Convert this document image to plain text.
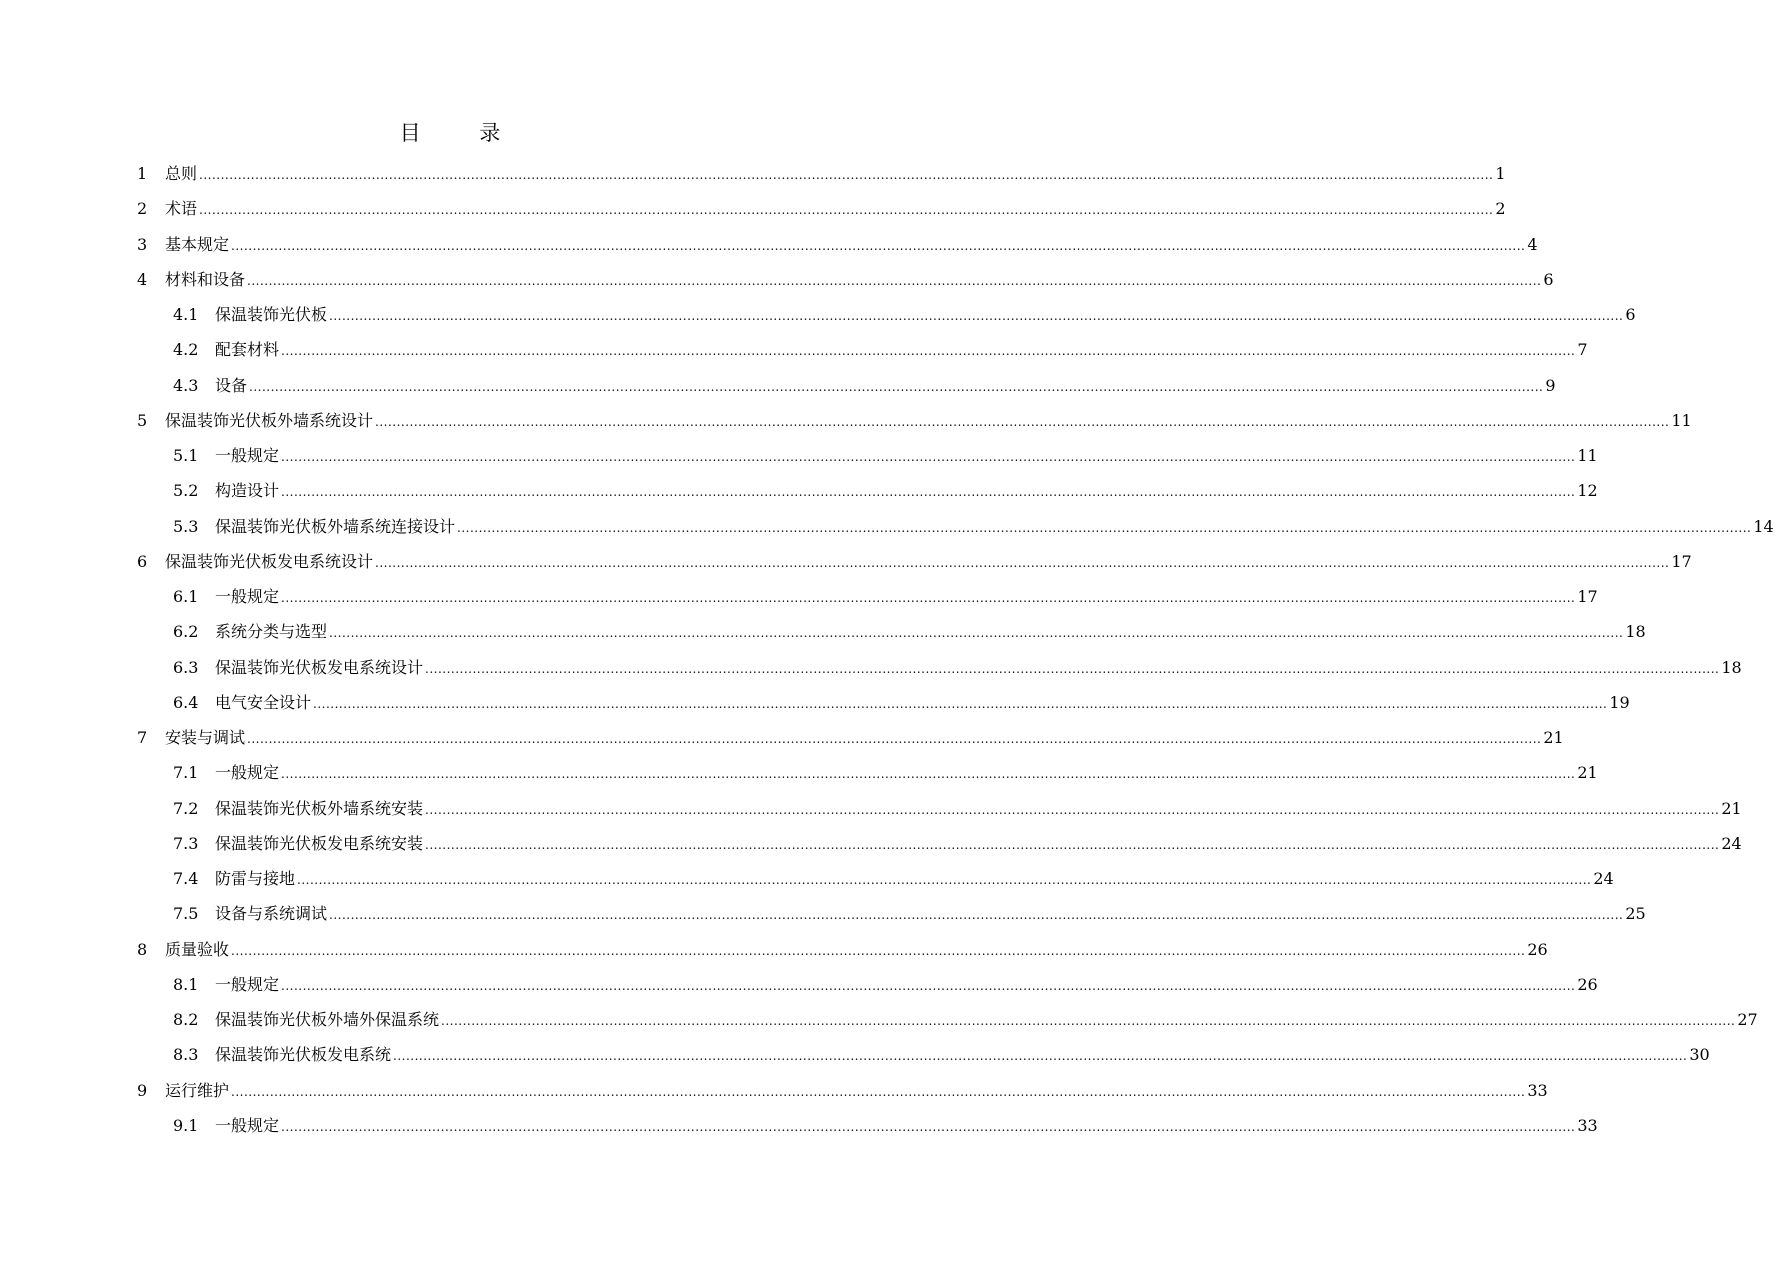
目 录
1 总则 ............................................................................................................................................................................................................................................................................................................ 1
2 术语 ............................................................................................................................................................................................................................................................................................................ 2
3 基本规定 ............................................................................................................................................................................................................................................................................................................ 4
4 材料和设备 ............................................................................................................................................................................................................................................................................................................ 6
4.1 保温装饰光伏板 ............................................................................................................................................................................................................................................................................................................ 6
4.2 配套材料 ............................................................................................................................................................................................................................................................................................................ 7
4.3 设备 ............................................................................................................................................................................................................................................................................................................ 9
5 保温装饰光伏板外墙系统设计 ............................................................................................................................................................................................................................................................................................................ 11
5.1 一般规定 ............................................................................................................................................................................................................................................................................................................ 11
5.2 构造设计 ............................................................................................................................................................................................................................................................................................................ 12
5.3 保温装饰光伏板外墙系统连接设计 ............................................................................................................................................................................................................................................................................................................ 14
6 保温装饰光伏板发电系统设计 ............................................................................................................................................................................................................................................................................................................ 17
6.1 一般规定 ............................................................................................................................................................................................................................................................................................................ 17
6.2 系统分类与选型 ............................................................................................................................................................................................................................................................................................................ 18
6.3 保温装饰光伏板发电系统设计 ............................................................................................................................................................................................................................................................................................................ 18
6.4 电气安全设计 ............................................................................................................................................................................................................................................................................................................ 19
7 安装与调试 ............................................................................................................................................................................................................................................................................................................ 21
7.1 一般规定 ............................................................................................................................................................................................................................................................................................................ 21
7.2 保温装饰光伏板外墙系统安装 ............................................................................................................................................................................................................................................................................................................ 21
7.3 保温装饰光伏板发电系统安装 ............................................................................................................................................................................................................................................................................................................ 24
7.4 防雷与接地 ............................................................................................................................................................................................................................................................................................................ 24
7.5 设备与系统调试 ............................................................................................................................................................................................................................................................................................................ 25
8 质量验收 ............................................................................................................................................................................................................................................................................................................ 26
8.1 一般规定 ............................................................................................................................................................................................................................................................................................................ 26
8.2 保温装饰光伏板外墙外保温系统 ............................................................................................................................................................................................................................................................................................................ 27
8.3 保温装饰光伏板发电系统 ............................................................................................................................................................................................................................................................................................................ 30
9 运行维护 ............................................................................................................................................................................................................................................................................................................ 33
9.1 一般规定 ............................................................................................................................................................................................................................................................................................................ 33
